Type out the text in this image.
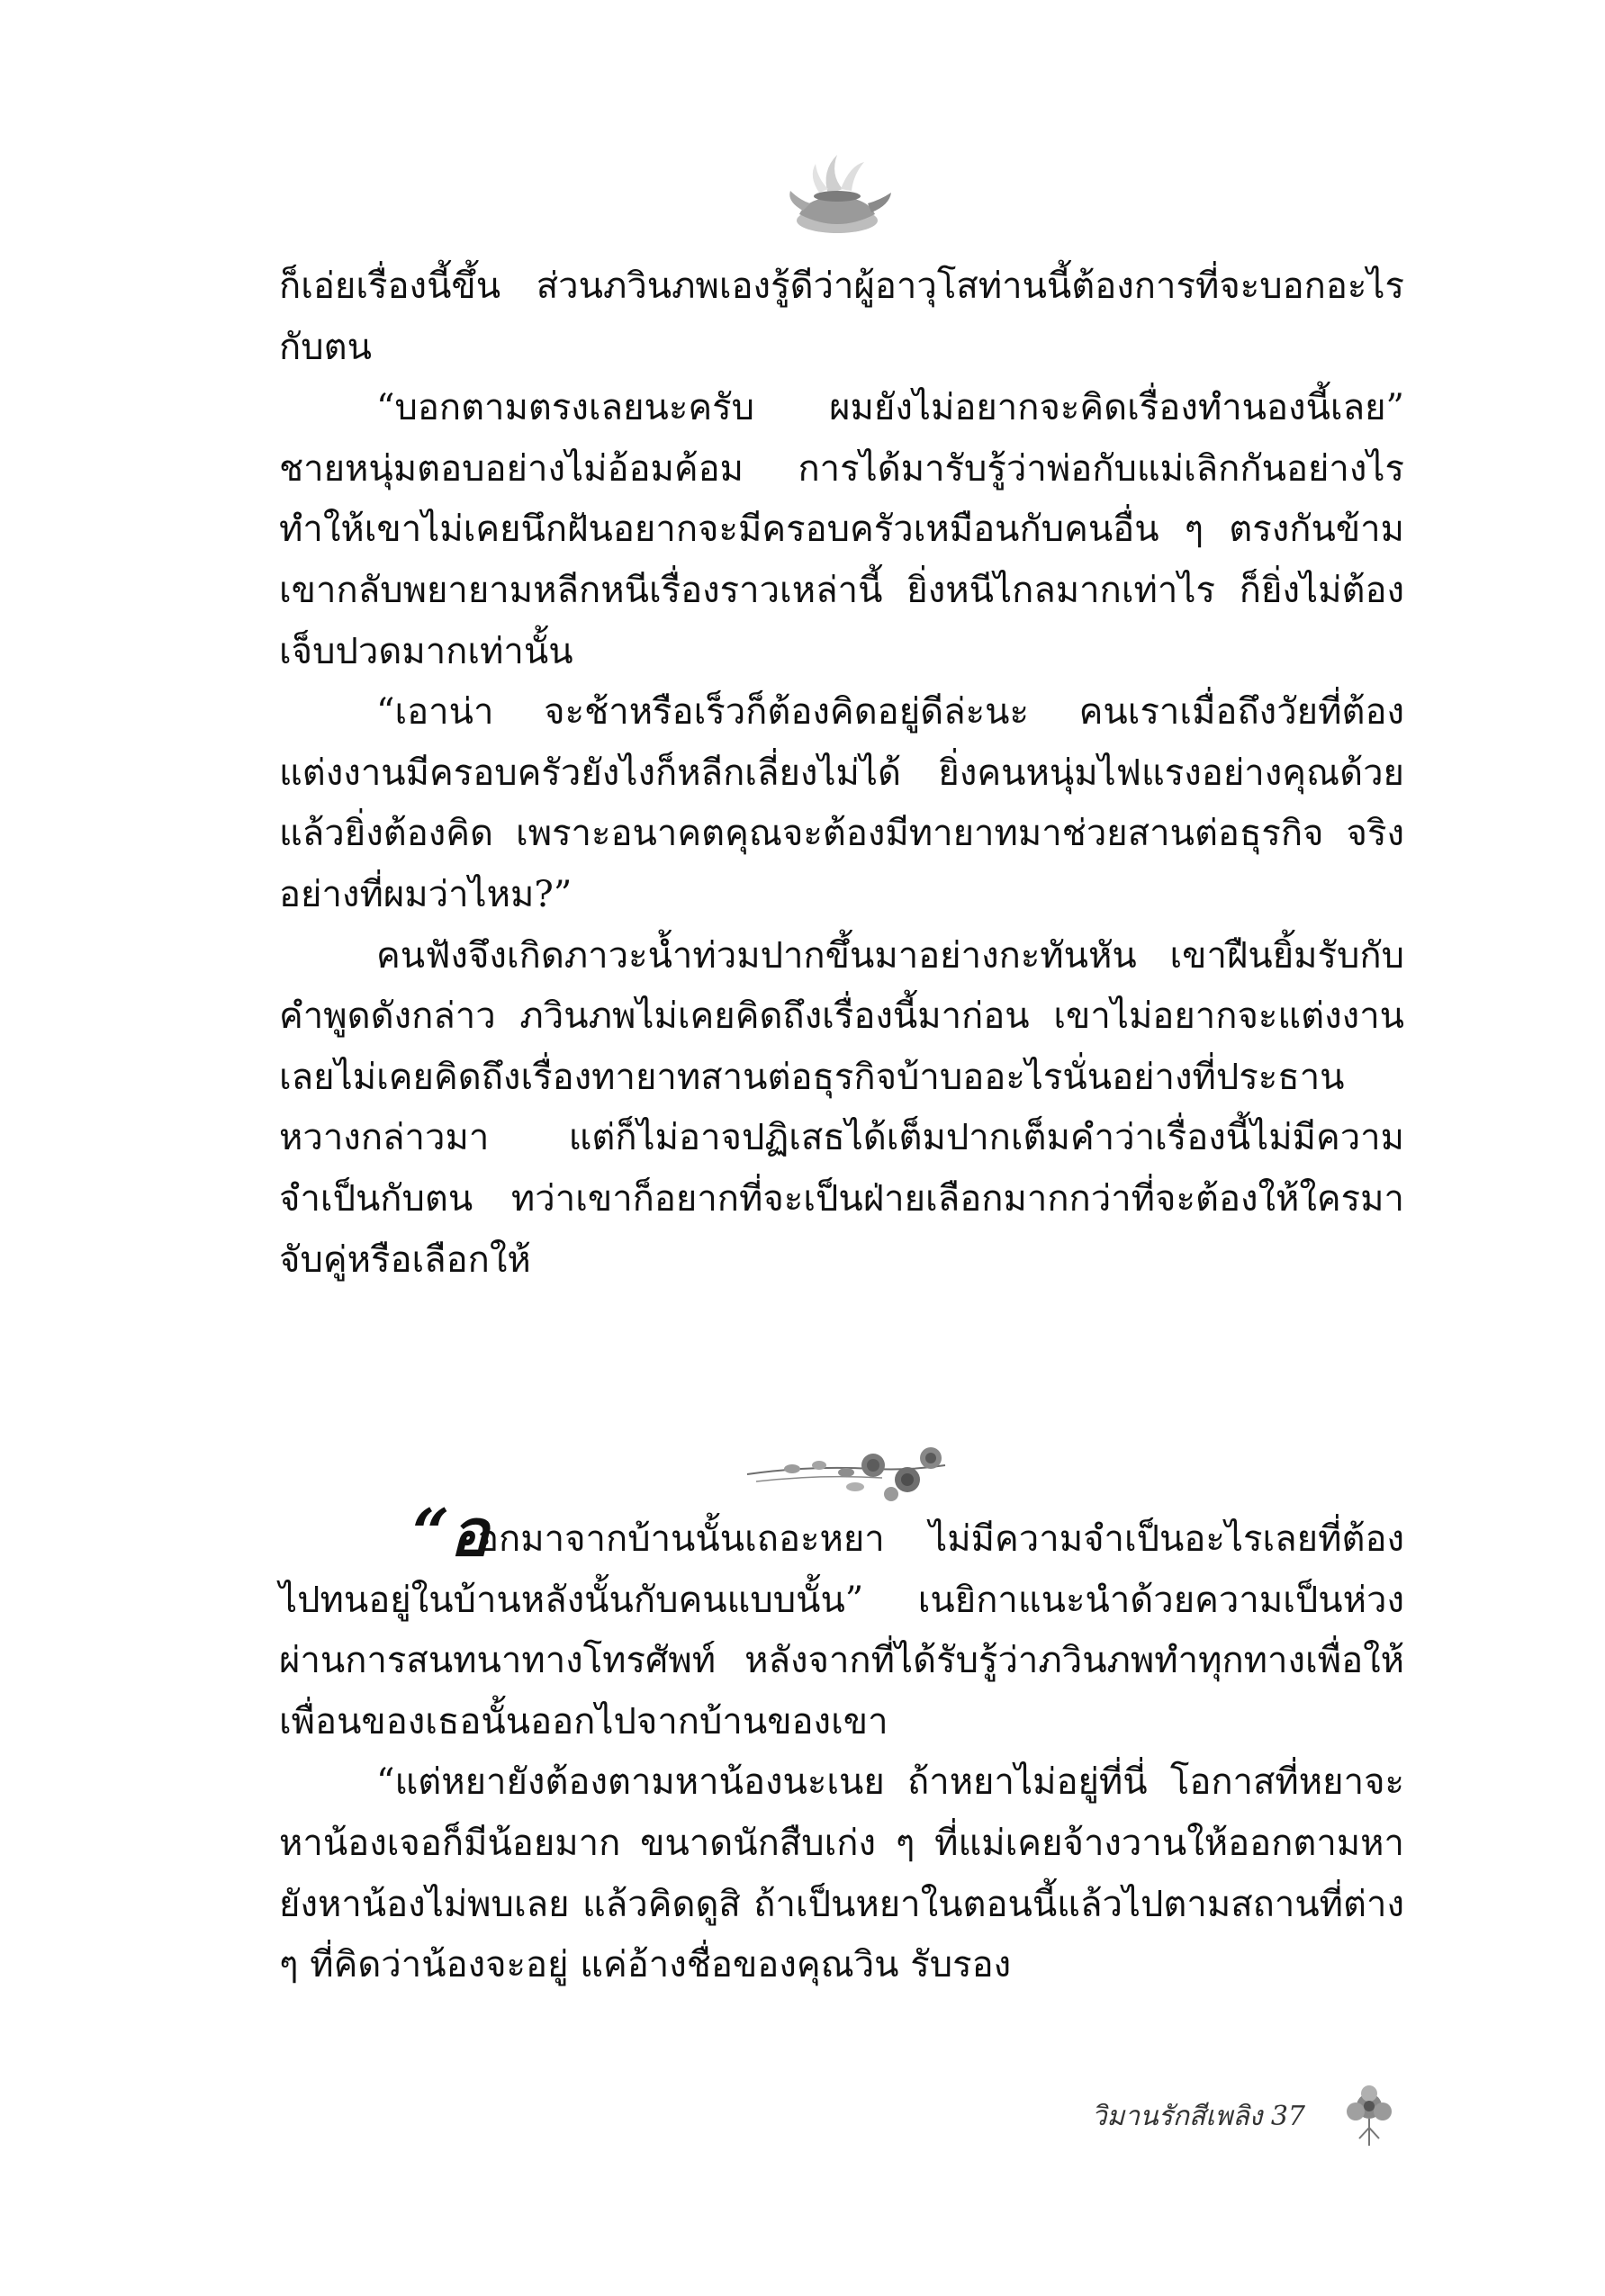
ก็เอ่ยเรื่องนี้ขึ้น ส่วนภวินภพเองรู้ดีว่าผู้อาวุโสท่านนี้ต้องการที่จะบอกอะไรกับตน

“บอกตามตรงเลยนะครับ ผมยังไม่อยากจะคิดเรื่องทำนองนี้เลย” ชายหนุ่มตอบอย่างไม่อ้อมค้อม การได้มารับรู้ว่าพ่อกับแม่เลิกกันอย่างไร ทำให้เขาไม่เคยนึกฝันอยากจะมีครอบครัวเหมือนกับคนอื่น ๆ ตรงกันข้าม เขากลับพยายามหลีกหนีเรื่องราวเหล่านี้ ยิ่งหนีไกลมากเท่าไร ก็ยิ่งไม่ต้องเจ็บปวดมากเท่านั้น

“เอาน่า จะช้าหรือเร็วก็ต้องคิดอยู่ดีล่ะนะ คนเราเมื่อถึงวัยที่ต้องแต่งงานมีครอบครัวยังไงก็หลีกเลี่ยงไม่ได้ ยิ่งคนหนุ่มไฟแรงอย่างคุณด้วยแล้วยิ่งต้องคิด เพราะอนาคตคุณจะต้องมีทายาทมาช่วยสานต่อธุรกิจ จริงอย่างที่ผมว่าไหม?”

คนฟังจึงเกิดภาวะน้ำท่วมปากขึ้นมาอย่างกะทันหัน เขาฝืนยิ้มรับกับคำพูดดังกล่าว ภวินภพไม่เคยคิดถึงเรื่องนี้มาก่อน เขาไม่อยากจะแต่งงาน เลยไม่เคยคิดถึงเรื่องทายาทสานต่อธุรกิจบ้าบออะไรนั่นอย่างที่ประธานหวางกล่าวมา แต่ก็ไม่อาจปฏิเสธได้เต็มปากเต็มคำว่าเรื่องนี้ไม่มีความจำเป็นกับตน ทว่าเขาก็อยากที่จะเป็นฝ่ายเลือกมากกว่าที่จะต้องให้ใครมาจับคู่หรือเลือกให้

“อ
อกมาจากบ้านนั้นเถอะหยา ไม่มีความจำเป็นอะไรเลยที่ต้องไปทนอยู่ในบ้านหลังนั้นกับคนแบบนั้น” เนยิกาแนะนำด้วยความเป็นห่วงผ่านการสนทนาทางโทรศัพท์ หลังจากที่ได้รับรู้ว่าภวินภพทำทุกทางเพื่อให้เพื่อนของเธอนั้นออกไปจากบ้านของเขา

“แต่หยายังต้องตามหาน้องนะเนย ถ้าหยาไม่อยู่ที่นี่ โอกาสที่หยาจะหาน้องเจอก็มีน้อยมาก ขนาดนักสืบเก่ง ๆ ที่แม่เคยจ้างวานให้ออกตามหา ยังหาน้องไม่พบเลย แล้วคิดดูสิ ถ้าเป็นหยาในตอนนี้แล้วไปตามสถานที่ต่าง ๆ ที่คิดว่าน้องจะอยู่ แค่อ้างชื่อของคุณวิน รับรอง

วิมานรักสีเพลิง 37
